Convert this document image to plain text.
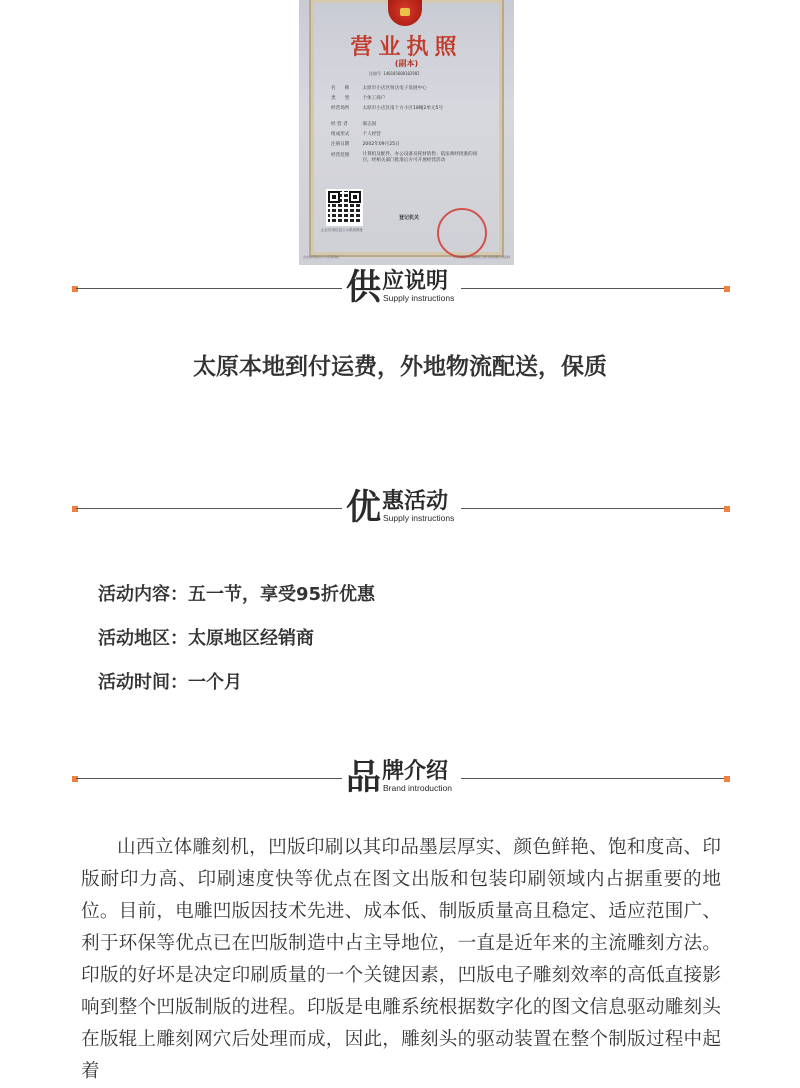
营业执照
(副本)
注册号 140105600102982
名　　称	太原市小店区恒达电子发展中心
类　　型	个体工商户
经营场所	太原市小店区南十方小区18幢2单元5号
经 营 者	郝志国
组成形式	个人经营
注册日期	2002年09月25日
经营范围	计算机及配件、办公设备及耗材销售；依法须经批准的项目，经相关部门批准后方可开展经营活动
企业信用信息公示系统网址
登记机关
企业信用信息公示系统网址：	中华人民共和国国家工商行政管理总局监制
供 应说明
Supply instructions
太原本地到付运费，外地物流配送，保质
优 惠活动
Supply instructions
活动内容：五一节，享受95折优惠
活动地区：太原地区经销商
活动时间：一个月
品 牌介绍
Brand introduction
山西立体雕刻机，凹版印刷以其印品墨层厚实、颜色鲜艳、饱和度高、印版耐印力高、印刷速度快等优点在图文出版和包装印刷领域内占据重要的地位。目前，电雕凹版因技术先进、成本低、制版质量高且稳定、适应范围广、利于环保等优点已在凹版制造中占主导地位，一直是近年来的主流雕刻方法。印版的好坏是决定印刷质量的一个关键因素，凹版电子雕刻效率的高低直接影响到整个凹版制版的进程。印版是电雕系统根据数字化的图文信息驱动雕刻头在版辊上雕刻网穴后处理而成，因此，雕刻头的驱动装置在整个制版过程中起着
